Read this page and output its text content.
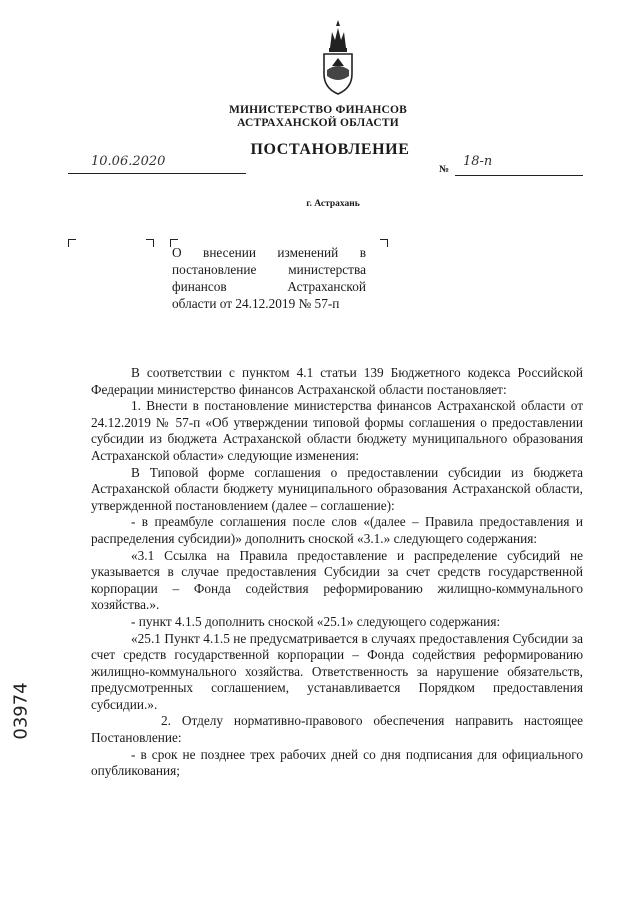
МИНИСТЕРСТВО ФИНАНСОВ
АСТРАХАНСКОЙ ОБЛАСТИ
ПОСТАНОВЛЕНИЕ
10.06.2020
№
18-п
г. Астрахань
О внесении изменений в
постановление министерства
финансов Астраханской
области от 24.12.2019 № 57-п

В соответствии с пунктом 4.1 статьи 139 Бюджетного кодекса Российской Федерации министерство финансов Астраханской области постановляет:

1. Внести в постановление министерства финансов Астраханской области от 24.12.2019 № 57-п «Об утверждении типовой формы соглашения о предоставлении субсидии из бюджета Астраханской области бюджету муниципального образования Астраханской области» следующие изменения:

В Типовой форме соглашения о предоставлении субсидии из бюджета Астраханской области бюджету муниципального образования Астраханской области, утвержденной постановлением (далее – соглашение):

- в преамбуле соглашения после слов «(далее – Правила предоставления и распределения субсидии)» дополнить сноской «3.1.» следующего содержания:

«3.1 Ссылка на Правила предоставление и распределение субсидий не указывается в случае предоставления Субсидии за счет средств государственной корпорации – Фонда содействия реформированию жилищно-коммунального хозяйства.».

- пункт 4.1.5 дополнить сноской «25.1» следующего содержания:

«25.1 Пункт 4.1.5 не предусматривается в случаях предоставления Субсидии за счет средств государственной корпорации – Фонда содействия реформированию жилищно-коммунального хозяйства. Ответственность за нарушение обязательств, предусмотренных соглашением, устанавливается Порядком предоставления субсидии.».

2. Отделу нормативно-правового обеспечения направить настоящее Постановление:

- в срок не позднее трех рабочих дней со дня подписания для официального опубликования;

03974
